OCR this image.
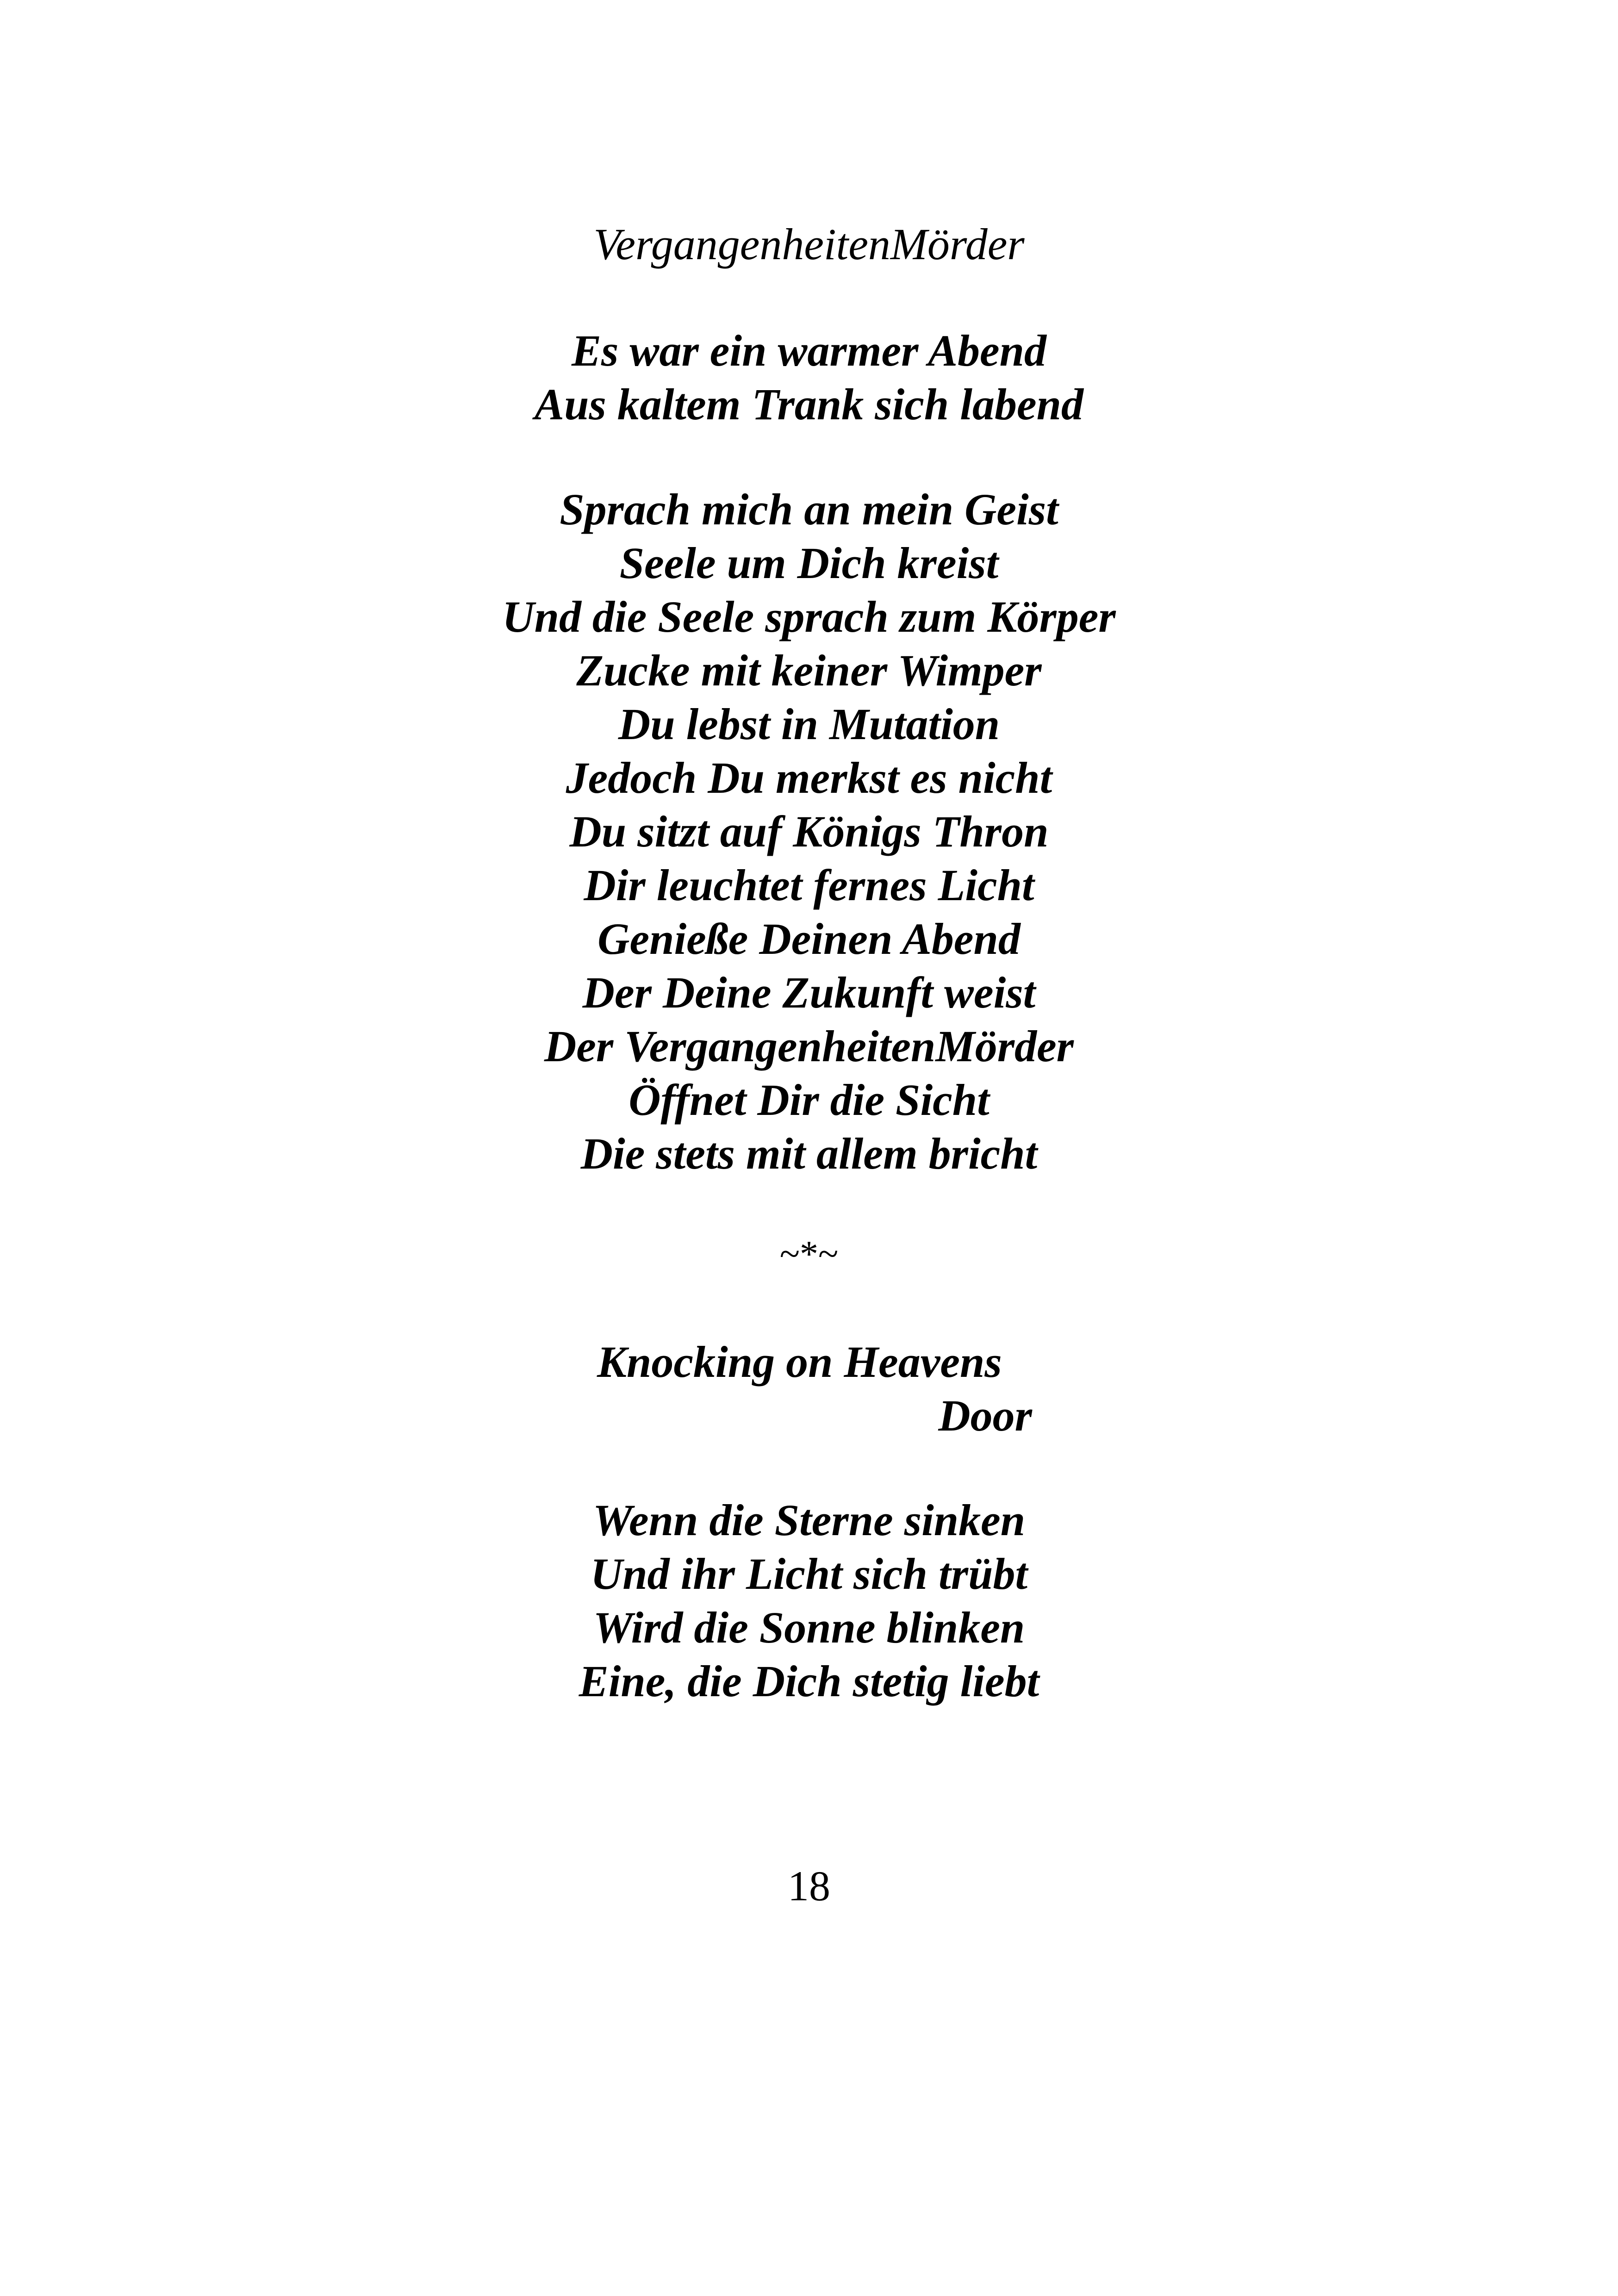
VergangenheitenMörder
Es war ein warmer Abend
Aus kaltem Trank sich labend
Sprach mich an mein Geist
Seele um Dich kreist
Und die Seele sprach zum Körper
Zucke mit keiner Wimper
Du lebst in Mutation
Jedoch Du merkst es nicht
Du sitzt auf Königs Thron
Dir leuchtet fernes Licht
Genieße Deinen Abend
Der Deine Zukunft weist
Der VergangenheitenMörder
Öffnet Dir die Sicht
Die stets mit allem bricht

~*~

Knocking on Heavens
Door
Wenn die Sterne sinken
Und ihr Licht sich trübt
Wird die Sonne blinken
Eine, die Dich stetig liebt

18
